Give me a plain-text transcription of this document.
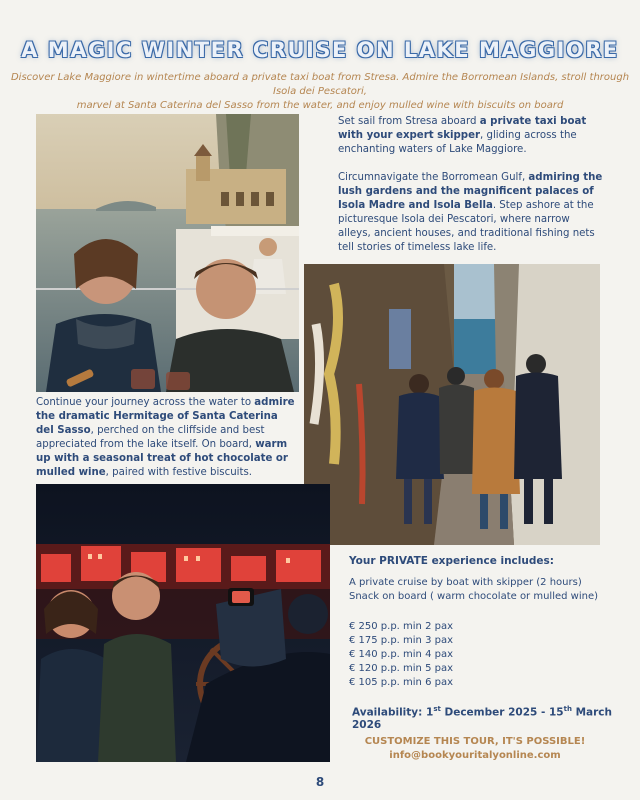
A MAGIC WINTER CRUISE ON LAKE MAGGIORE
Discover Lake Maggiore in wintertime aboard a private taxi boat from Stresa. Admire the Borromean Islands, stroll through Isola dei Pescatori,
marvel at Santa Caterina del Sasso from the water, and enjoy mulled wine with biscuits on board
Set sail from Stresa aboard a private taxi boat with your expert skipper, gliding across the enchanting waters of Lake Maggiore.
Circumnavigate the Borromean Gulf, admiring the lush gardens and the magnificent palaces of Isola Madre and Isola Bella. Step ashore at the picturesque Isola dei Pescatori, where narrow alleys, ancient houses, and traditional fishing nets tell stories of timeless lake life.
Continue your journey across the water to admire the dramatic Hermitage of Santa Caterina del Sasso, perched on the cliffside and best appreciated from the lake itself. On board, warm up with a seasonal treat of hot chocolate or mulled wine, paired with festive biscuits.
Your PRIVATE experience includes:
A private cruise by boat with skipper (2 hours)
Snack on board ( warm chocolate or mulled wine)
€ 250 p.p. min 2 pax
€ 175 p.p. min 3 pax
€ 140 p.p. min 4 pax
€ 120 p.p. min 5 pax
€ 105 p.p. min 6 pax
Availability: 1st December 2025 - 15th March 2026
CUSTOMIZE THIS TOUR, IT'S POSSIBLE!
info@bookyouritalyonline.com
8
